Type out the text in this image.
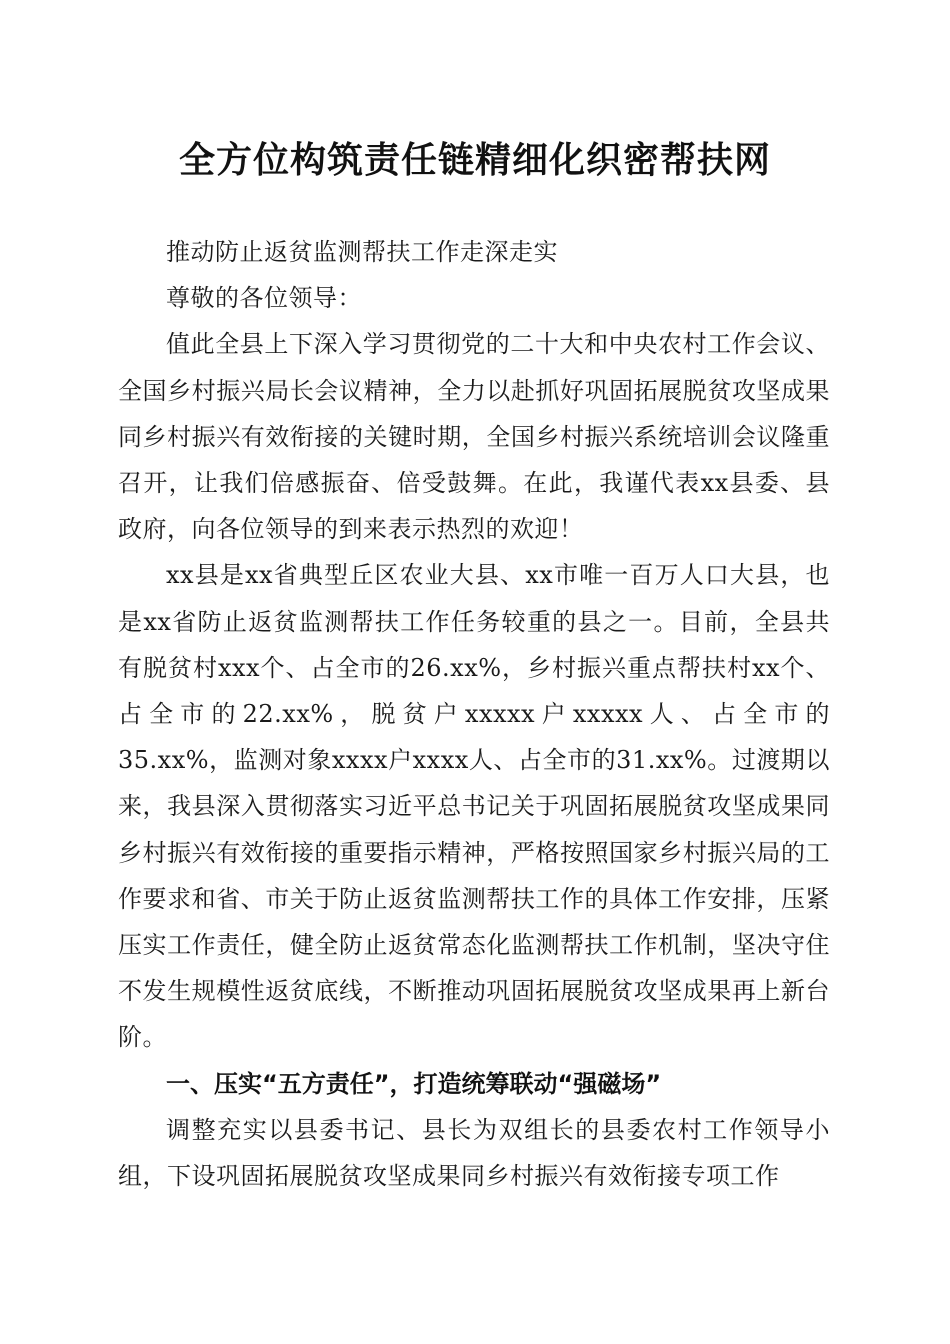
全方位构筑责任链精细化织密帮扶网

推动防止返贫监测帮扶工作走深走实

尊敬的各位领导：

值此全县上下深入学习贯彻党的二十大和中央农村工作会议、全国乡村振兴局长会议精神，全力以赴抓好巩固拓展脱贫攻坚成果同乡村振兴有效衔接的关键时期，全国乡村振兴系统培训会议隆重召开，让我们倍感振奋、倍受鼓舞。在此，我谨代表xx县委、县政府，向各位领导的到来表示热烈的欢迎！

xx县是xx省典型丘区农业大县、xx市唯一百万人口大县，也是xx省防止返贫监测帮扶工作任务较重的县之一。目前，全县共有脱贫村xxx个、占全市的26.xx%，乡村振兴重点帮扶村xx个、占全市的22.xx%，脱贫户xxxxx户xxxxx人、占全市的35.xx%，监测对象xxxx户xxxx人、占全市的31.xx%。过渡期以来，我县深入贯彻落实习近平总书记关于巩固拓展脱贫攻坚成果同乡村振兴有效衔接的重要指示精神，严格按照国家乡村振兴局的工作要求和省、市关于防止返贫监测帮扶工作的具体工作安排，压紧压实工作责任，健全防止返贫常态化监测帮扶工作机制，坚决守住不发生规模性返贫底线，不断推动巩固拓展脱贫攻坚成果再上新台阶。

一、压实“五方责任”，打造统筹联动“强磁场”

调整充实以县委书记、县长为双组长的县委农村工作领导小组，下设巩固拓展脱贫攻坚成果同乡村振兴有效衔接专项工作
